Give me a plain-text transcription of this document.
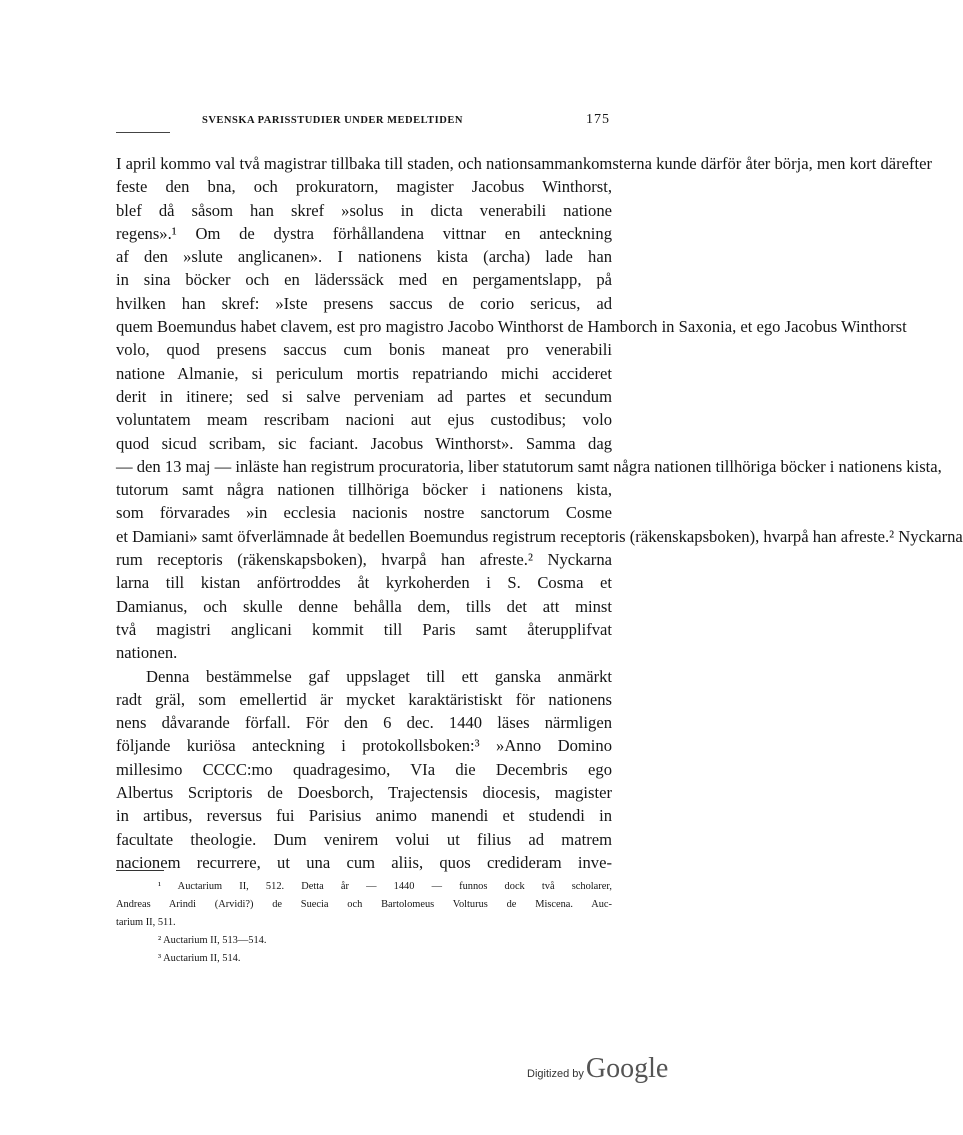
SVENSKA PARISSTUDIER UNDER MEDELTIDEN	175
I april kommo val två magistrar tillbaka till staden, och nationsammankomsterna kunde därför åter börja, men kort därefter
feste den bna, och prokuratorn, magister Jacobus Winthorst,
blef då såsom han skref »solus in dicta venerabili natione
regens».¹ Om de dystra förhållandena vittnar en anteckning
af den »slute anglicanen». I nationens kista (archa) lade han
in sina böcker och en läderssäck med en pergamentslapp, på
hvilken han skref: »Iste presens saccus de corio sericus, ad
quem Boemundus habet clavem, est pro magistro Jacobo Winthorst de Hamborch in Saxonia, et ego Jacobus Winthorst
volo, quod presens saccus cum bonis maneat pro venerabili
natione Almanie, si periculum mortis repatriando michi accideret
derit in itinere; sed si salve perveniam ad partes et secundum
voluntatem meam rescribam nacioni aut ejus custodibus; volo
quod sicud scribam, sic faciant. Jacobus Winthorst». Samma dag
— den 13 maj — inläste han registrum procuratoria, liber statutorum samt några nationen tillhöriga böcker i nationens kista,
tutorum samt några nationen tillhöriga böcker i nationens kista,
som förvarades »in ecclesia nacionis nostre sanctorum Cosme
et Damiani» samt öfverlämnade åt bedellen Boemundus registrum receptoris (räkenskapsboken), hvarpå han afreste.² Nyckarna
rum receptoris (räkenskapsboken), hvarpå han afreste.² Nyckarna
larna till kistan anförtroddes åt kyrkoherden i S. Cosma et
Damianus, och skulle denne behålla dem, tills det att minst
två magistri anglicani kommit till Paris samt återupplifvat
nationen.
Denna bestämmelse gaf uppslaget till ett ganska anmärkt
radt gräl, som emellertid är mycket karaktäristiskt för nationens
nens dåvarande förfall. För den 6 dec. 1440 läses närmligen
följande kuriösa anteckning i protokollsboken:³ »Anno Domino
millesimo CCCC:mo quadragesimo, VIa die Decembris ego
Albertus Scriptoris de Doesborch, Trajectensis diocesis, magister
in artibus, reversus fui Parisius animo manendi et studendi in
facultate theologie. Dum venirem volui ut filius ad matrem
nacionem recurrere, ut una cum aliis, quos credideram inve-
¹ Auctarium II, 512. Detta år — 1440 — funnos dock två scholarer,
Andreas Arindi (Arvidi?) de Suecia och Bartolomeus Volturus de Miscena. Auc-
tarium II, 511.
² Auctarium II, 513—514.
³ Auctarium II, 514.
Digitized by Google
